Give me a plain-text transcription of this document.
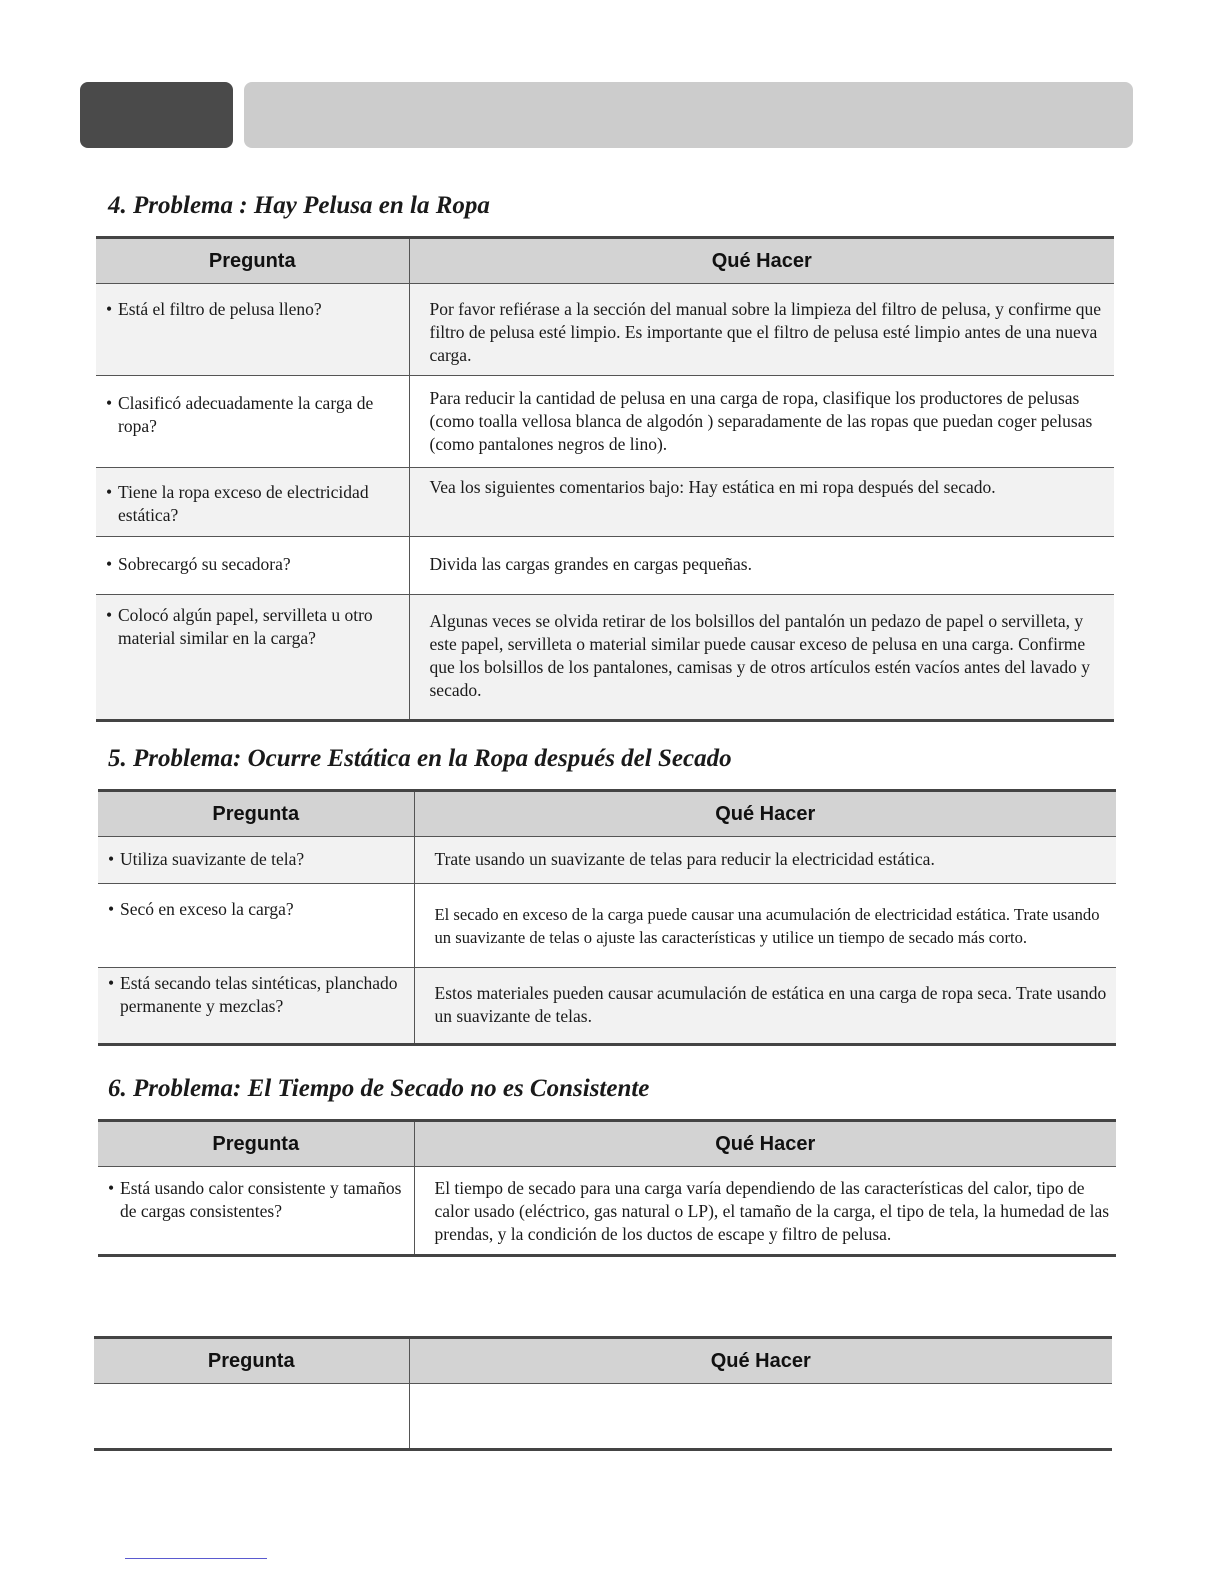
4. Problema : Hay Pelusa en la Ropa
Pregunta	Qué Hacer

• Está el filtro de pelusa lleno?	Por favor refiérase a la sección del manual sobre la limpieza del filtro de pelusa, y confirme que filtro de pelusa esté limpio. Es importante que el filtro de pelusa esté limpio antes de una nueva carga.

• Clasificó adecuadamente la carga de ropa?	Para reducir la cantidad de pelusa en una carga de ropa, clasifique los productores de pelusas (como toalla vellosa blanca de algodón ) separadamente de las ropas que puedan coger pelusas (como pantalones negros de lino).

• Tiene la ropa exceso de electricidad estática?	Vea los siguientes comentarios bajo: Hay estática en mi ropa después del secado.

• Sobrecargó su secadora?	Divida las cargas grandes en cargas pequeñas.

• Colocó algún papel, servilleta u otro material similar en la carga?	Algunas veces se olvida retirar de los bolsillos del pantalón un pedazo de papel o servilleta, y este papel, servilleta o material similar puede causar exceso de pelusa en una carga. Confirme que los bolsillos de los pantalones, camisas y de otros artículos estén vacíos antes del lavado y secado.
5. Problema: Ocurre Estática en la Ropa después del Secado
Pregunta	Qué Hacer

• Utiliza suavizante de tela?	Trate usando un suavizante de telas para reducir la electricidad estática.

• Secó en exceso la carga?	El secado en exceso de la carga puede causar una acumulación de electricidad estática. Trate usando un suavizante de telas o ajuste las características y utilice un tiempo de secado más corto.

• Está secando telas sintéticas, planchado permanente y mezclas?	Estos materiales pueden causar acumulación de estática en una carga de ropa seca. Trate usando un suavizante de telas.
6. Problema: El Tiempo de Secado no es Consistente
Pregunta	Qué Hacer

• Está usando calor consistente y tamaños de cargas consistentes?	El tiempo de secado para una carga varía dependiendo de las características del calor, tipo de calor usado (eléctrico, gas natural o LP), el tamaño de la carga, el tipo de tela, la humedad de las prendas, y la condición de los ductos de escape y filtro de pelusa.
Pregunta	Qué Hacer
